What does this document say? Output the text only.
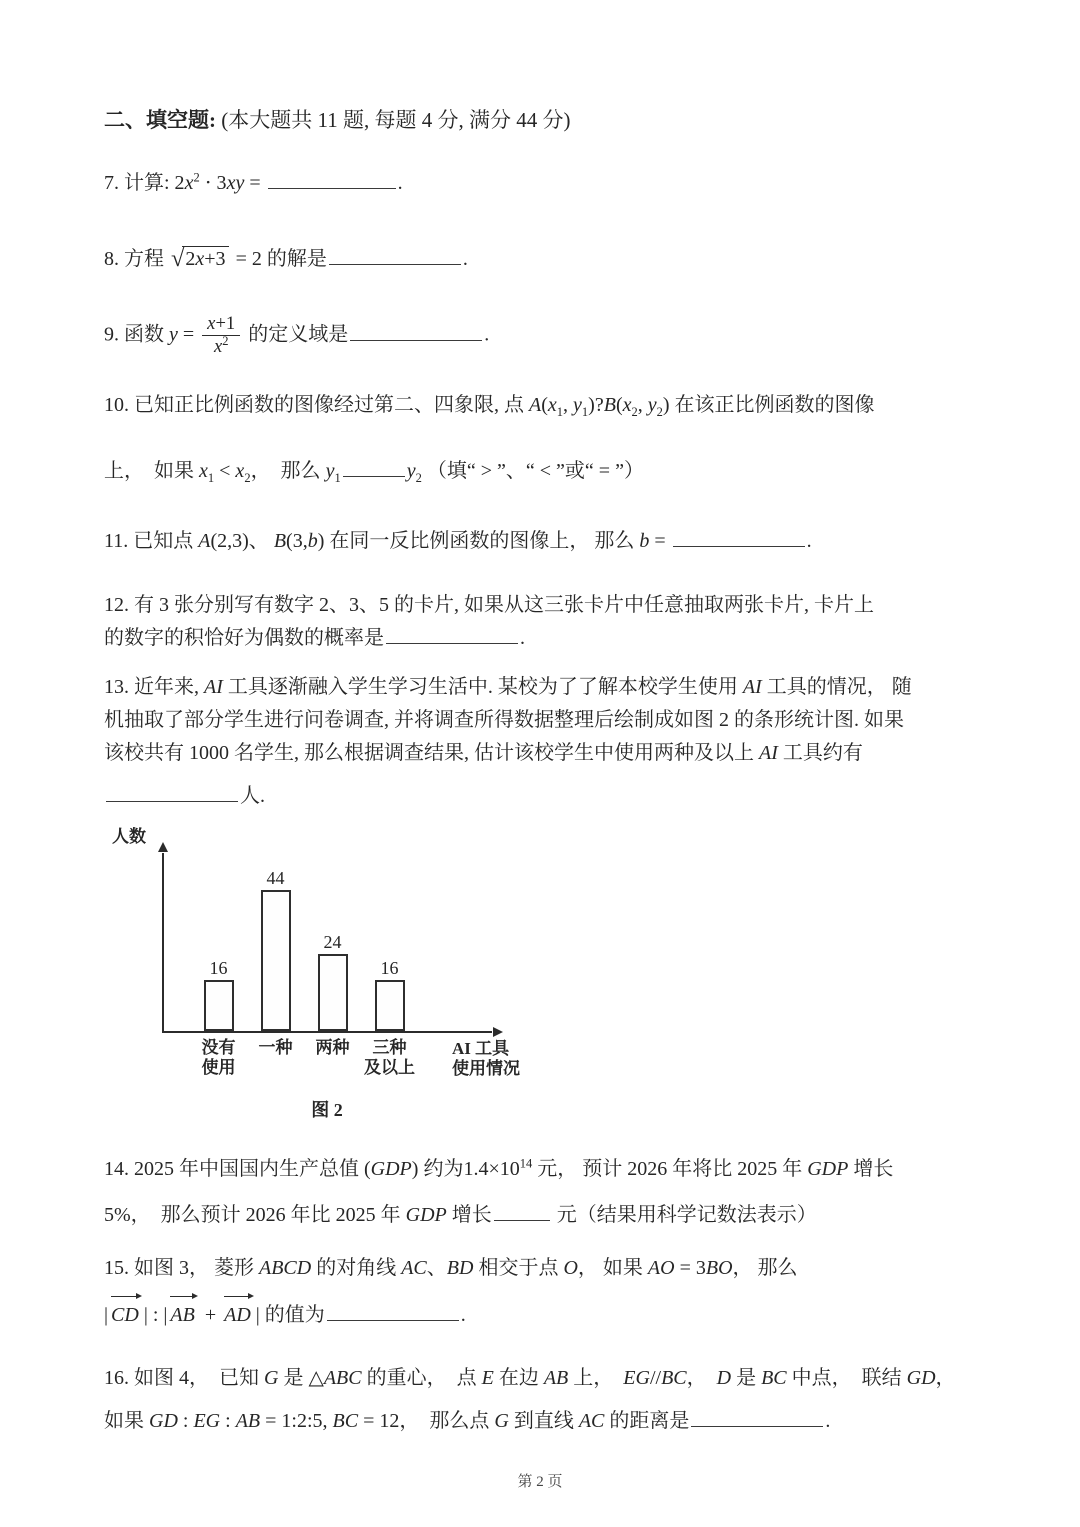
二、填空题: (本大题共 11 题, 每题 4 分, 满分 44 分)
7. 计算: $2x^2 \cdot 3xy$ =	.
8. 方程 √ 2x+3 = 2 的解是	.
9. 函数 $y = \frac{x+1}{x^2}$ 的定义域是	.
10. 已知正比例函数的图像经过第二、四象限, 点 $A(x_1$, $y_1)?B(x_2$, $y_2$) 在该正比例函数的图像
上，  如果 $x_1 < x_2$，  那么 $y_1$	$y_2$ （填“ > ”、“ < ”或“ = ”）
11. 已知点 A(2,3)、 B(3,b) 在同一反比例函数的图像上， 那么 b =	.
12. 有 3 张分别写有数字 2、3、5 的卡片, 如果从这三张卡片中任意抽取两张卡片, 卡片上
的数字的积恰好为偶数的概率是	.
13. 近年来, AI 工具逐渐融入学生学习生活中. 某校为了了解本校学生使用 AI 工具的情况， 随
机抽取了部分学生进行问卷调查, 并将调查所得数据整理后绘制成如图 2 的条形统计图. 如果
该校共有 1000 名学生, 那么根据调查结果, 估计该校学生中使用两种及以上 AI 工具约有
人.
人数
16
44
24
16
没有
使用
一种	两种	三种
及以上
AI 工具
使用情况
图 2
14. 2025 年中国国内生产总值 (GDP) 约为$1.4\times 10^{14}$ 元， 预计 2026 年将比 2025 年 GDP 增长
5%，  那么预计 2026 年比 2025 年 GDP 增长	元（结果用科学记数法表示）
15. 如图 3， 菱形 ABCD 的对角线 AC、BD 相交于点 O， 如果 AO = 3BO， 那么
| CD | : | AB + AD | 的值为	.
16. 如图 4，  已知 G 是 △ABC 的重心，  点 E 在边 AB 上，  EG//BC，  D 是 BC 中点，  联结 GD，
如果 GD : EG : AB = 1:2:5, BC = 12，  那么点 G 到直线 AC 的距离是	.
第 2 页
